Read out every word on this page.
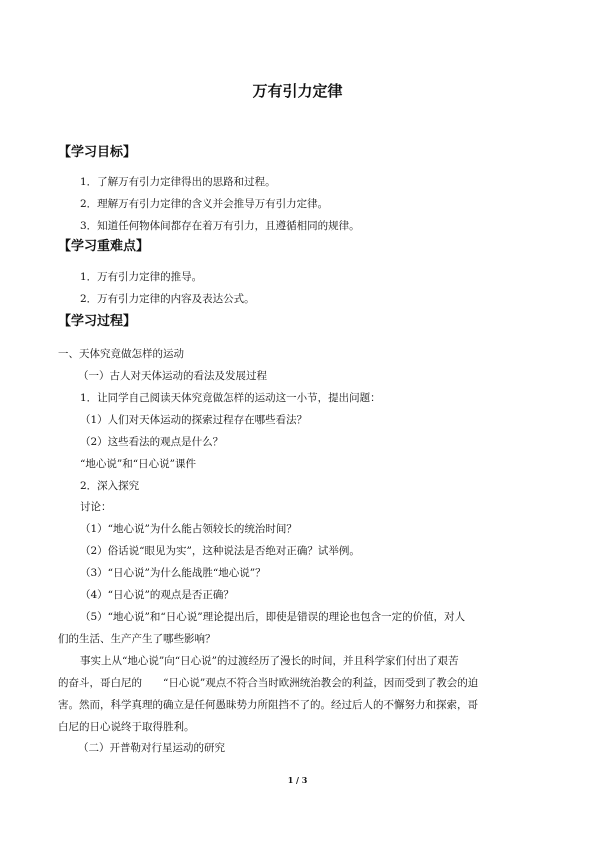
万有引力定律
【学习目标】
1．了解万有引力定律得出的思路和过程。
2．理解万有引力定律的含义并会推导万有引力定律。
3．知道任何物体间都存在着万有引力，且遵循相同的规律。
【学习重难点】
1．万有引力定律的推导。
2．万有引力定律的内容及表达公式。
【学习过程】
一、天体究竟做怎样的运动
（一）古人对天体运动的看法及发展过程
1．让同学自己阅读天体究竟做怎样的运动这一小节，提出问题：
（1）人们对天体运动的探索过程存在哪些看法？
（2）这些看法的观点是什么？
“地心说”和“日心说”课件
2．深入探究
讨论：
（1）“地心说”为什么能占领较长的统治时间？
（2）俗话说“眼见为实”，这种说法是否绝对正确？试举例。
（3）“日心说”为什么能战胜“地心说”？
（4）“日心说”的观点是否正确？
（5）“地心说”和“日心说”理论提出后，即使是错误的理论也包含一定的价值，对人
们的生活、生产产生了哪些影响？
事实上从“地心说”向“日心说”的过渡经历了漫长的时间，并且科学家们付出了艰苦
的奋斗，哥白尼的　　“日心说”观点不符合当时欧洲统治教会的利益，因而受到了教会的迫
害。然而，科学真理的确立是任何愚昧势力所阻挡不了的。经过后人的不懈努力和探索，哥
白尼的日心说终于取得胜利。
（二）开普勒对行星运动的研究
1 / 3
